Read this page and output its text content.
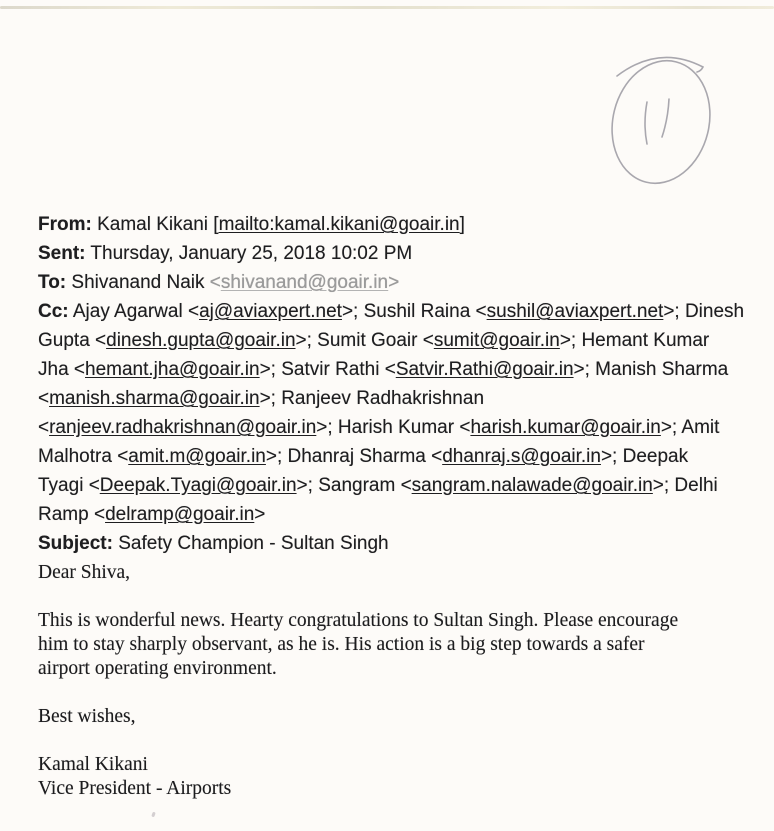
From: Kamal Kikani [mailto:kamal.kikani@goair.in]
Sent: Thursday, January 25, 2018 10:02 PM
To: Shivanand Naik <shivanand@goair.in>
Cc: Ajay Agarwal <aj@aviaxpert.net>; Sushil Raina <sushil@aviaxpert.net>; Dinesh
Gupta <dinesh.gupta@goair.in>; Sumit Goair <sumit@goair.in>; Hemant Kumar
Jha <hemant.jha@goair.in>; Satvir Rathi <Satvir.Rathi@goair.in>; Manish Sharma
<manish.sharma@goair.in>; Ranjeev Radhakrishnan
<ranjeev.radhakrishnan@goair.in>; Harish Kumar <harish.kumar@goair.in>; Amit
Malhotra <amit.m@goair.in>; Dhanraj Sharma <dhanraj.s@goair.in>; Deepak
Tyagi <Deepak.Tyagi@goair.in>; Sangram <sangram.nalawade@goair.in>; Delhi
Ramp <delramp@goair.in>
Subject: Safety Champion - Sultan Singh
Dear Shiva,
This is wonderful news. Hearty congratulations to Sultan Singh. Please encourage
him to stay sharply observant, as he is. His action is a big step towards a safer
airport operating environment.
Best wishes,
Kamal Kikani
Vice President - Airports
